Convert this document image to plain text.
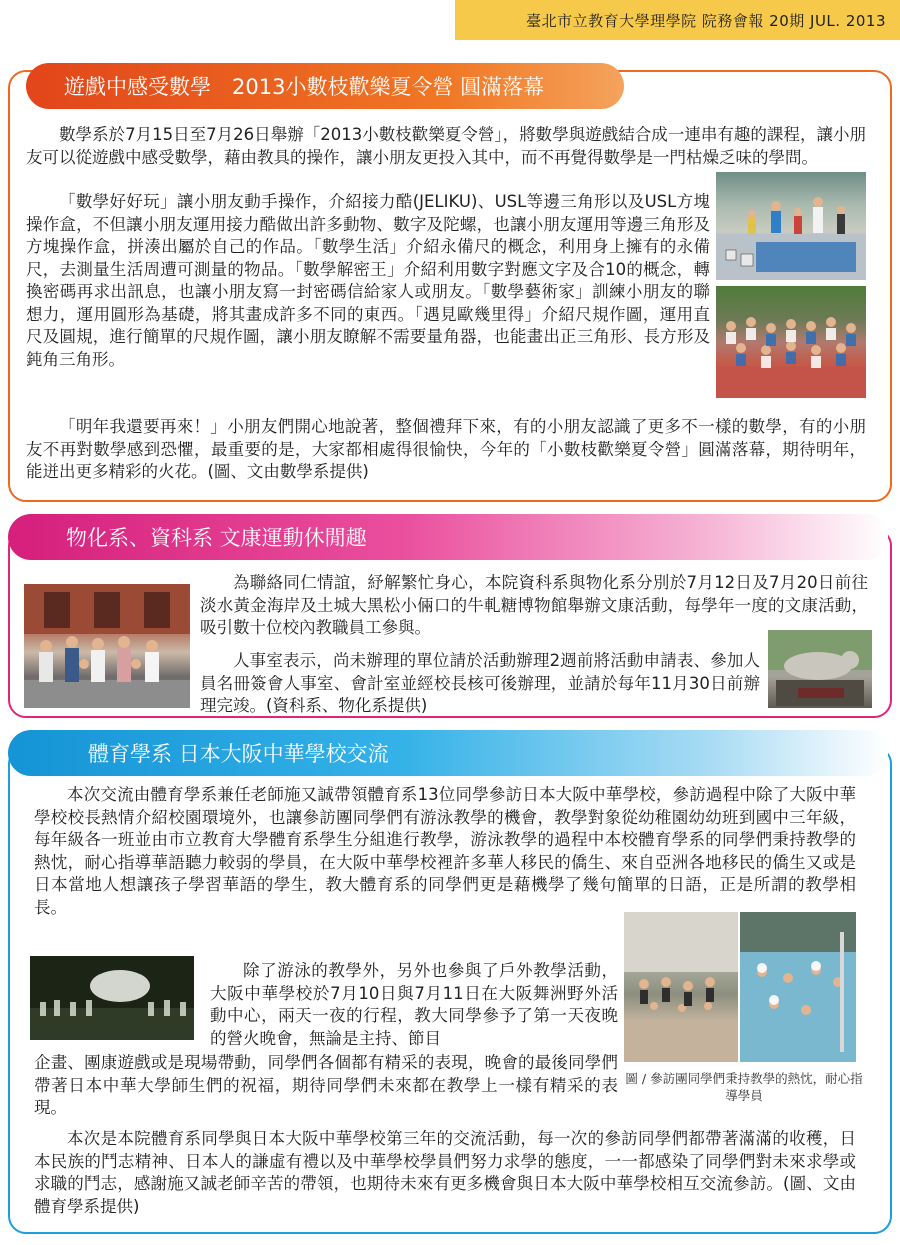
臺北市立教育大學理學院 院務會報 20期 JUL. 2013
遊戲中感受數學　2013小數枝歡樂夏令營 圓滿落幕

數學系於7月15日至7月26日舉辦「2013小數枝歡樂夏令營」，將數學與遊戲結合成一連串有趣的課程，讓小朋友可以從遊戲中感受數學，藉由教具的操作，讓小朋友更投入其中，而不再覺得數學是一門枯燥乏味的學問。

「數學好好玩」讓小朋友動手操作，介紹接力酷(JELIKU)、USL等邊三角形以及USL方塊操作盒，不但讓小朋友運用接力酷做出許多動物、數字及陀螺，也讓小朋友運用等邊三角形及方塊操作盒，拼湊出屬於自己的作品。「數學生活」介紹永備尺的概念，利用身上擁有的永備尺，去測量生活周遭可測量的物品。「數學解密王」介紹利用數字對應文字及合10的概念，轉換密碼再求出訊息，也讓小朋友寫一封密碼信給家人或朋友。「數學藝術家」訓練小朋友的聯想力，運用圓形為基礎，將其畫成許多不同的東西。「遇見歐幾里得」介紹尺規作圖，運用直尺及圓規，進行簡單的尺規作圖，讓小朋友瞭解不需要量角器，也能畫出正三角形、長方形及鈍角三角形。

「明年我還要再來！」小朋友們開心地說著，整個禮拜下來，有的小朋友認識了更多不一樣的數學，有的小朋友不再對數學感到恐懼，最重要的是，大家都相處得很愉快，今年的「小數枝歡樂夏令營」圓滿落幕，期待明年，能迸出更多精彩的火花。(圖、文由數學系提供)

物化系、資科系 文康運動休閒趣

為聯絡同仁情誼，紓解繁忙身心，本院資科系與物化系分別於7月12日及7月20日前往淡水黃金海岸及土城大黑松小倆口的牛軋糖博物館舉辦文康活動，每學年一度的文康活動，吸引數十位校內教職員工參與。

人事室表示，尚未辦理的單位請於活動辦理2週前將活動申請表、參加人員名冊簽會人事室、會計室並經校長核可後辦理，並請於每年11月30日前辦理完竣。(資科系、物化系提供)

體育學系 日本大阪中華學校交流

本次交流由體育學系兼任老師施又誠帶領體育系13位同學參訪日本大阪中華學校，參訪過程中除了大阪中華學校校長熱情介紹校園環境外，也讓參訪團同學們有游泳教學的機會，教學對象從幼稚園幼幼班到國中三年級，每年級各一班並由市立教育大學體育系學生分組進行教學，游泳教學的過程中本校體育學系的同學們秉持教學的熱忱，耐心指導華語聽力較弱的學員，在大阪中華學校裡許多華人移民的僑生、來自亞洲各地移民的僑生又或是日本當地人想讓孩子學習華語的學生，教大體育系的同學們更是藉機學了幾句簡單的日語，正是所謂的教學相長。

除了游泳的教學外，另外也參與了戶外教學活動，大阪中華學校於7月10日與7月11日在大阪舞洲野外活動中心，兩天一夜的行程，教大同學參予了第一天夜晚的營火晚會，無論是主持、節目

企畫、團康遊戲或是現場帶動，同學們各個都有精采的表現，晚會的最後同學們帶著日本中華大學師生們的祝福，期待同學們未來都在教學上一樣有精采的表現。

圖 / 參訪團同學們秉持教學的熱忱，耐心指導學員

本次是本院體育系同學與日本大阪中華學校第三年的交流活動，每一次的參訪同學們都帶著滿滿的收穫，日本民族的鬥志精神、日本人的謙虛有禮以及中華學校學員們努力求學的態度，一一都感染了同學們對未來求學或求職的鬥志，感謝施又誠老師辛苦的帶領，也期待未來有更多機會與日本大阪中華學校相互交流參訪。(圖、文由體育學系提供)
